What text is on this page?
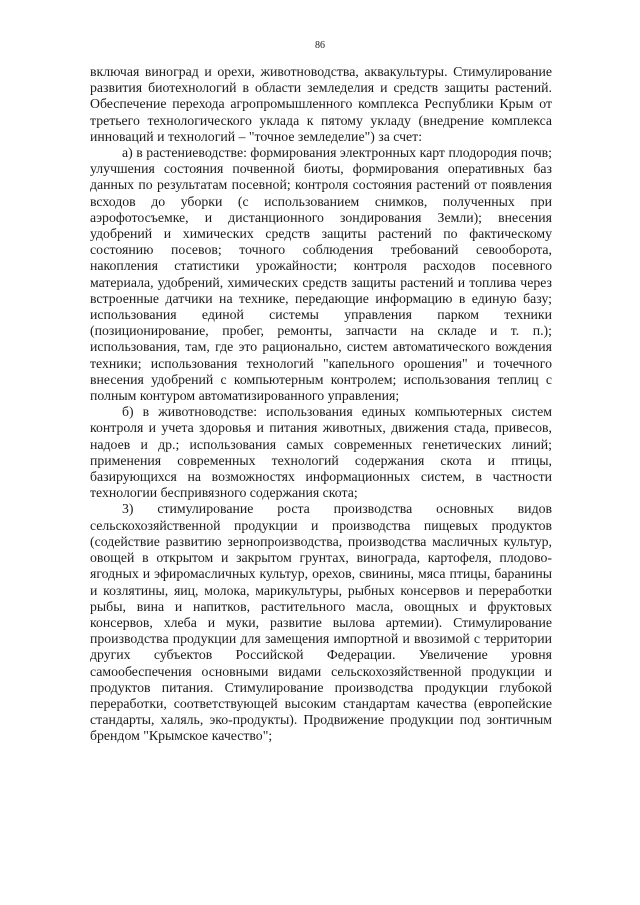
86

включая виноград и орехи, животноводства, аквакультуры. Стимулирование развития биотехнологий в области земледелия и средств защиты растений. Обеспечение перехода агропромышленного комплекса Республики Крым от третьего технологического уклада к пятому укладу (внедрение комплекса инноваций и технологий – "точное земледелие") за счет:

а) в растениеводстве: формирования электронных карт плодородия почв; улучшения состояния почвенной биоты, формирования оперативных баз данных по результатам посевной; контроля состояния растений от появления всходов до уборки (с использованием снимков, полученных при аэрофотосъемке, и дистанционного зондирования Земли); внесения удобрений и химических средств защиты растений по фактическому состоянию посевов; точного соблюдения требований севооборота, накопления статистики урожайности; контроля расходов посевного материала, удобрений, химических средств защиты растений и топлива через встроенные датчики на технике, передающие информацию в единую базу; использования единой системы управления парком техники (позиционирование, пробег, ремонты, запчасти на складе и т. п.); использования, там, где это рационально, систем автоматического вождения техники; использования технологий "капельного орошения" и точечного внесения удобрений с компьютерным контролем; использования теплиц с полным контуром автоматизированного управления;

б) в животноводстве: использования единых компьютерных систем контроля и учета здоровья и питания животных, движения стада, привесов, надоев и др.; использования самых современных генетических линий; применения современных технологий содержания скота и птицы, базирующихся на возможностях информационных систем, в частности технологии беспривязного содержания скота;

3) стимулирование роста производства основных видов сельскохозяйственной продукции и производства пищевых продуктов (содействие развитию зернопроизводства, производства масличных культур, овощей в открытом и закрытом грунтах, винограда, картофеля, плодово-ягодных и эфиромасличных культур, орехов, свинины, мяса птицы, баранины и козлятины, яиц, молока, марикультуры, рыбных консервов и переработки рыбы, вина и напитков, растительного масла, овощных и фруктовых консервов, хлеба и муки, развитие вылова артемии). Стимулирование производства продукции для замещения импортной и ввозимой с территории других субъектов Российской Федерации. Увеличение уровня самообеспечения основными видами сельскохозяйственной продукции и продуктов питания. Стимулирование производства продукции глубокой переработки, соответствующей высоким стандартам качества (европейские стандарты, халяль, эко-продукты). Продвижение продукции под зонтичным брендом "Крымское качество";
